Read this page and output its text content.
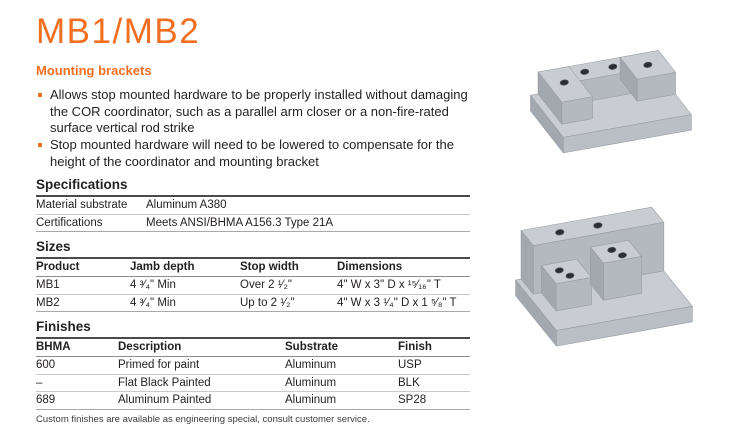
MB1/MB2
Mounting brackets
Allows stop mounted hardware to be properly installed without damaging the COR coordinator, such as a parallel arm closer or a non-fire-rated surface vertical rod strike
Stop mounted hardware will need to be lowered to compensate for the height of the coordinator and mounting bracket
Specifications
Material substrate	Aluminum A380
Certifications	Meets ANSI/BHMA A156.3 Type 21A
Sizes
Product	Jamb depth	Stop width	Dimensions
MB1	4 ³⁄₄" Min	Over 2 ¹⁄₂"	4" W x 3" D x ¹⁵⁄₁₆" T
MB2	4 ³⁄₄" Min	Up to 2 ¹⁄₂"	4" W x 3 ¹⁄₄" D x 1 ⁵⁄₈" T
Finishes
BHMA	Description	Substrate	Finish
600	Primed for paint	Aluminum	USP
–	Flat Black Painted	Aluminum	BLK
689	Aluminum Painted	Aluminum	SP28
Custom finishes are available as engineering special, consult customer service.
